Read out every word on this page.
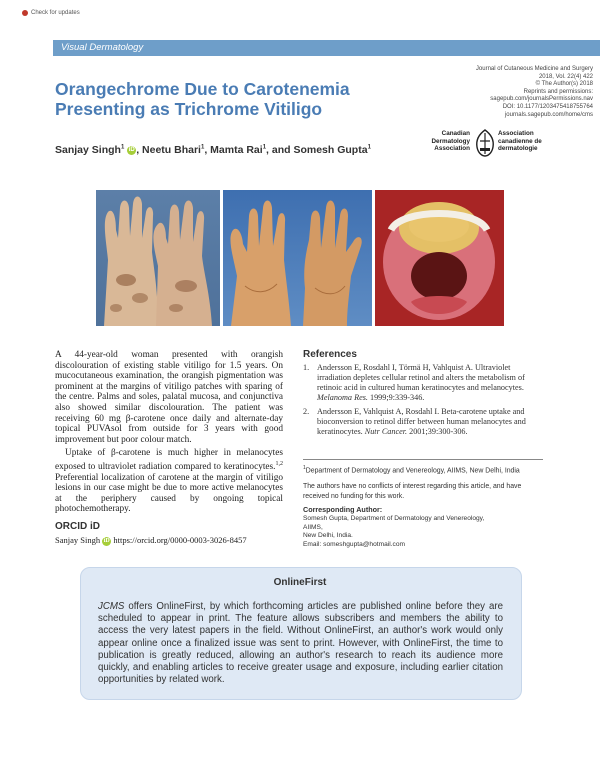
Check for updates
Visual Dermatology
Orangechrome Due to Carotenemia Presenting as Trichrome Vitiligo
Journal of Cutaneous Medicine and Surgery
2018, Vol. 22(4) 422
© The Author(s) 2018
Reprints and permissions:
sagepub.com/journalsPermissions.nav
DOI: 10.1177/1203475418755764
journals.sagepub.com/home/cms
Canadian
Dermatology
Association
Association
canadienne de
dermatologie
Sanjay Singh$^1$ iD , Neetu Bhari$^1$, Mamta Rai$^1$, and Somesh Gupta$^1$

A 44-year-old woman presented with orangish discolouration of existing stable vitiligo for 1.5 years. On mucocutaneous examination, the orangish pigmentation was prominent at the margins of vitiligo patches with sparing of the centre. Palms and soles, palatal mucosa, and conjunctiva also showed similar discolouration. The patient was receiving 60 mg β-carotene once daily and alternate-day topical PUVAsol from outside for 3 years with good improvement but poor colour match.

Uptake of β-carotene is much higher in melanocytes exposed to ultraviolet radiation compared to keratinocytes.$^{1,2}$ Preferential localization of carotene at the margin of vitiligo lesions in our case might be due to more active melanocytes at the periphery caused by ongoing topical photochemotherapy.

ORCID iD
Sanjay Singh iD https://orcid.org/0000-0003-3026-8457
References
1. Andersson E, Rosdahl I, Törmä H, Vahlquist A. Ultraviolet irradiation depletes cellular retinol and alters the metabolism of retinoic acid in cultured human keratinocytes and melanocytes. Melanoma Res. 1999;9:339-346.
2. Andersson E, Vahlquist A, Rosdahl I. Beta-carotene uptake and bioconversion to retinol differ between human melanocytes and keratinocytes. Nutr Cancer. 2001;39:300-306.
$^1$Department of Dermatology and Venereology, AIIMS, New Delhi, India
The authors have no conflicts of interest regarding this article, and have received no funding for this work.
Corresponding Author:
Somesh Gupta, Department of Dermatology and Venereology, AIIMS,
New Delhi, India.
Email: someshgupta@hotmail.com
OnlineFirst
JCMS offers OnlineFirst, by which forthcoming articles are published online before they are scheduled to appear in print. The feature allows subscribers and members the ability to access the very latest papers in the field. Without OnlineFirst, an author's work would only appear online once a finalized issue was sent to print. However, with OnlineFirst, the time to publication is greatly reduced, allowing an author's research to reach its audience more quickly, and enabling articles to receive greater usage and exposure, including earlier citation opportunities by related work.
